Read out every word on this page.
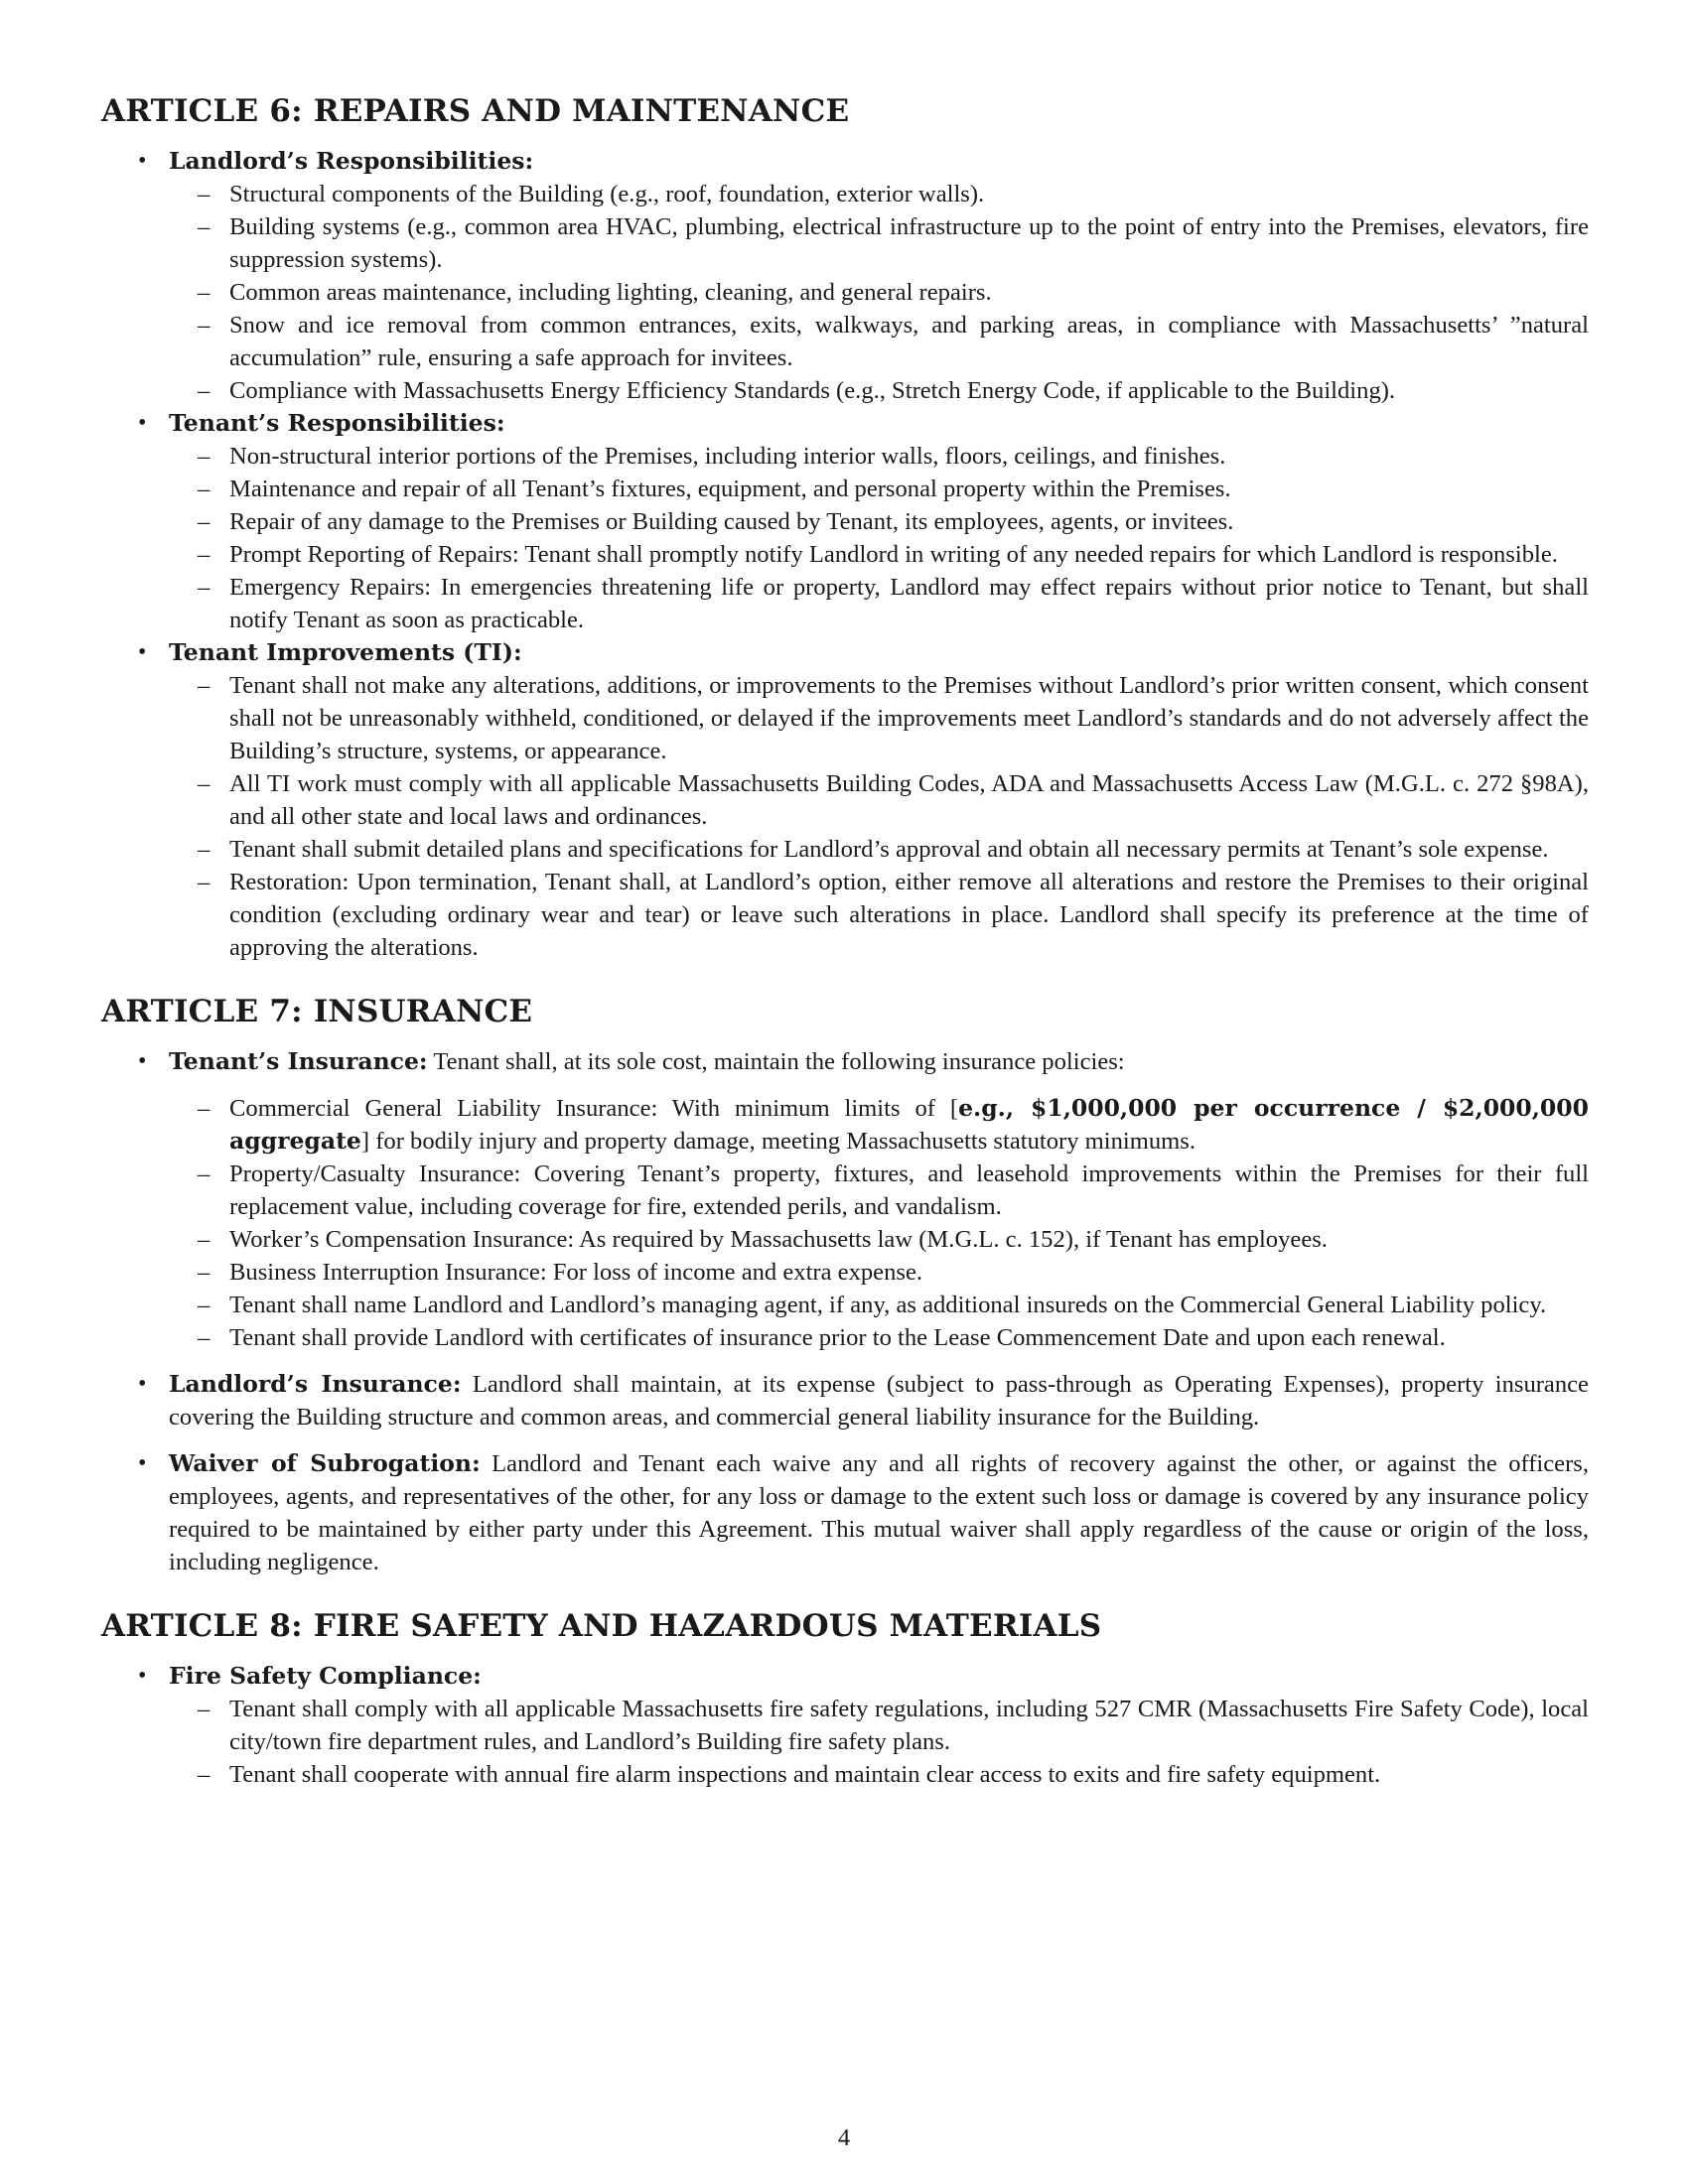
ARTICLE 6: REPAIRS AND MAINTENANCE
• Landlord’s Responsibilities:
– Structural components of the Building (e.g., roof, foundation, exterior walls).
– Building systems (e.g., common area HVAC, plumbing, electrical infrastructure up to the point of entry into the Premises, elevators, fire suppression systems).
– Common areas maintenance, including lighting, cleaning, and general repairs.
– Snow and ice removal from common entrances, exits, walkways, and parking areas, in compliance with Massachusetts’ ”natural accumulation” rule, ensuring a safe approach for invitees.
– Compliance with Massachusetts Energy Efficiency Standards (e.g., Stretch Energy Code, if applicable to the Building).
• Tenant’s Responsibilities:
– Non-structural interior portions of the Premises, including interior walls, floors, ceilings, and finishes.
– Maintenance and repair of all Tenant’s fixtures, equipment, and personal property within the Premises.
– Repair of any damage to the Premises or Building caused by Tenant, its employees, agents, or invitees.
– Prompt Reporting of Repairs: Tenant shall promptly notify Landlord in writing of any needed repairs for which Landlord is responsible.
– Emergency Repairs: In emergencies threatening life or property, Landlord may effect repairs without prior notice to Tenant, but shall notify Tenant as soon as practicable.
• Tenant Improvements (TI):
– Tenant shall not make any alterations, additions, or improvements to the Premises without Landlord’s prior written consent, which consent shall not be unreasonably withheld, conditioned, or delayed if the improvements meet Landlord’s standards and do not adversely affect the Building’s structure, systems, or appearance.
– All TI work must comply with all applicable Massachusetts Building Codes, ADA and Massachusetts Access Law (M.G.L. c. 272 §98A), and all other state and local laws and ordinances.
– Tenant shall submit detailed plans and specifications for Landlord’s approval and obtain all necessary permits at Tenant’s sole expense.
– Restoration: Upon termination, Tenant shall, at Landlord’s option, either remove all alterations and restore the Premises to their original condition (excluding ordinary wear and tear) or leave such alterations in place. Landlord shall specify its preference at the time of approving the alterations.
ARTICLE 7: INSURANCE
• Tenant’s Insurance: Tenant shall, at its sole cost, maintain the following insurance policies:
– Commercial General Liability Insurance: With minimum limits of [e.g., $1,000,000 per occurrence / $2,000,000 aggregate] for bodily injury and property damage, meeting Massachusetts statutory minimums.
– Property/Casualty Insurance: Covering Tenant’s property, fixtures, and leasehold improvements within the Premises for their full replacement value, including coverage for fire, extended perils, and vandalism.
– Worker’s Compensation Insurance: As required by Massachusetts law (M.G.L. c. 152), if Tenant has employees.
– Business Interruption Insurance: For loss of income and extra expense.
– Tenant shall name Landlord and Landlord’s managing agent, if any, as additional insureds on the Commercial General Liability policy.
– Tenant shall provide Landlord with certificates of insurance prior to the Lease Commencement Date and upon each renewal.
• Landlord’s Insurance: Landlord shall maintain, at its expense (subject to pass-through as Operating Expenses), property insurance covering the Building structure and common areas, and commercial general liability insurance for the Building.
• Waiver of Subrogation: Landlord and Tenant each waive any and all rights of recovery against the other, or against the officers, employees, agents, and representatives of the other, for any loss or damage to the extent such loss or damage is covered by any insurance policy required to be maintained by either party under this Agreement. This mutual waiver shall apply regardless of the cause or origin of the loss, including negligence.
ARTICLE 8: FIRE SAFETY AND HAZARDOUS MATERIALS
• Fire Safety Compliance:
– Tenant shall comply with all applicable Massachusetts fire safety regulations, including 527 CMR (Massachusetts Fire Safety Code), local city/town fire department rules, and Landlord’s Building fire safety plans.
– Tenant shall cooperate with annual fire alarm inspections and maintain clear access to exits and fire safety equipment.
4
